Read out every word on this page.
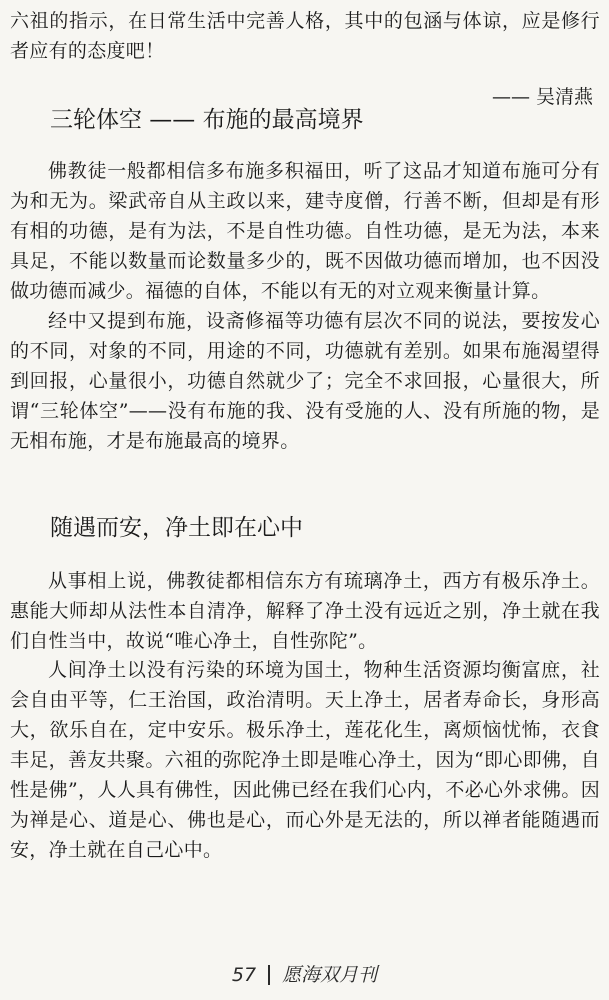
六祖的指示，在日常生活中完善人格，其中的包涵与体谅，应是修行者应有的态度吧！

—— 吴清燕
三轮体空 —— 布施的最高境界

佛教徒一般都相信多布施多积福田，听了这品才知道布施可分有为和无为。梁武帝自从主政以来，建寺度僧，行善不断，但却是有形有相的功德，是有为法，不是自性功德。自性功德，是无为法，本来具足，不能以数量而论数量多少的，既不因做功德而增加，也不因没做功德而减少。福德的自体，不能以有无的对立观来衡量计算。

经中又提到布施，设斋修福等功德有层次不同的说法，要按发心的不同，对象的不同，用途的不同，功德就有差别。如果布施渴望得到回报，心量很小，功德自然就少了；完全不求回报，心量很大，所谓“三轮体空”——没有布施的我、没有受施的人、没有所施的物，是无相布施，才是布施最高的境界。

随遇而安，净土即在心中

从事相上说，佛教徒都相信东方有琉璃净土，西方有极乐净土。惠能大师却从法性本自清净，解释了净土没有远近之别，净土就在我们自性当中，故说“唯心净土，自性弥陀”。

人间净土以没有污染的环境为国土，物种生活资源均衡富庶，社会自由平等，仁王治国，政治清明。天上净土，居者寿命长，身形高大，欲乐自在，定中安乐。极乐净土，莲花化生，离烦恼忧怖，衣食丰足，善友共聚。六祖的弥陀净土即是唯心净土，因为“即心即佛，自性是佛”，人人具有佛性，因此佛已经在我们心内，不必心外求佛。因为禅是心、道是心、佛也是心，而心外是无法的，所以禅者能随遇而安，净土就在自己心中。

57 愿海双月刊
